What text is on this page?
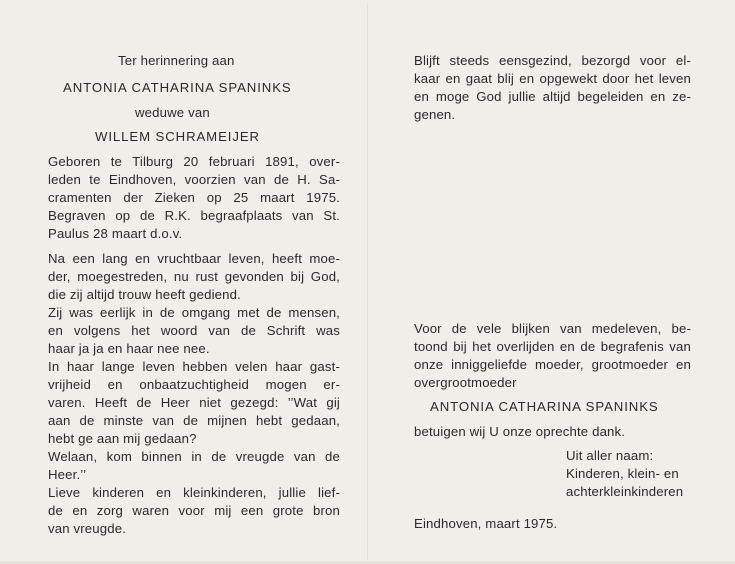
Ter herinnering aan
ANTONIA CATHARINA SPANINKS
weduwe van
WILLEM SCHRAMEIJER
Geboren te Tilburg 20 februari 1891, over-
leden te Eindhoven, voorzien van de H. Sa-
cramenten der Zieken op 25 maart 1975.
Begraven op de R.K. begraafplaats van St.
Paulus 28 maart d.o.v.
Na een lang en vruchtbaar leven, heeft moe-
der, moegestreden, nu rust gevonden bij God,
die zij altijd trouw heeft gediend.
Zij was eerlijk in de omgang met de mensen,
en volgens het woord van de Schrift was
haar ja ja en haar nee nee.
In haar lange leven hebben velen haar gast-
vrijheid en onbaatzuchtigheid mogen er-
varen. Heeft de Heer niet gezegd: ’’Wat gij
aan de minste van de mijnen hebt gedaan,
hebt ge aan mij gedaan?
Welaan, kom binnen in de vreugde van de
Heer.’’
Lieve kinderen en kleinkinderen, jullie lief-
de en zorg waren voor mij een grote bron
van vreugde.
Blijft steeds eensgezind, bezorgd voor el-
kaar en gaat blij en opgewekt door het leven
en moge God jullie altijd begeleiden en ze-
genen.
Voor de vele blijken van medeleven, be-
toond bij het overlijden en de begrafenis van
onze inniggeliefde moeder, grootmoeder en
overgrootmoeder
ANTONIA CATHARINA SPANINKS
betuigen wij U onze oprechte dank.
Uit aller naam:
Kinderen, klein- en
achterkleinkinderen
Eindhoven, maart 1975.
